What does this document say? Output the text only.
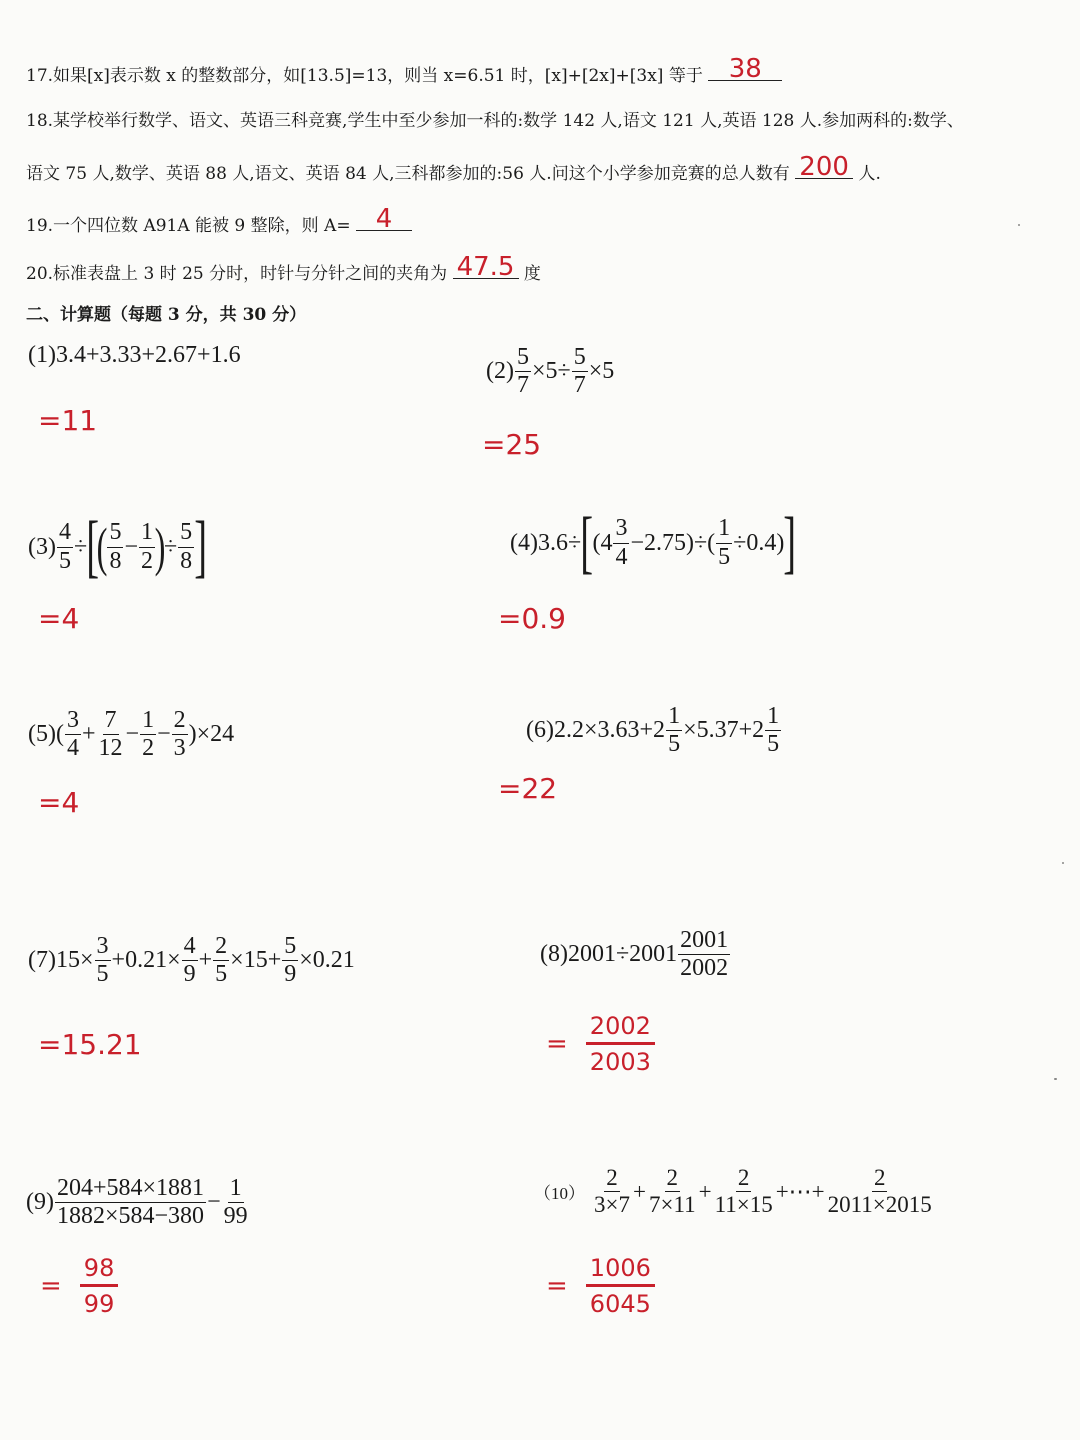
17.如果[x]表示数 x 的整数部分，如[13.5]=13，则当 x=6.51 时，[x]+[2x]+[3x] 等于 38
18.某学校举行数学、语文、英语三科竞赛,学生中至少参加一科的:数学 142 人,语文 121 人,英语 128 人.参加两科的:数学、
语文 75 人,数学、英语 88 人,语文、英语 84 人,三科都参加的:56 人.问这个小学参加竞赛的总人数有 200 人.
19.一个四位数 A91A 能被 9 整除，则 A= 4
20.标准表盘上 3 时 25 分时，时针与分针之间的夹角为 47.5 度
二、计算题（每题 3 分，共 30 分）
(1) 3.4+3.33+2.67+1.6
=11
$(2) \frac{5}{7} \times 5\div \frac{5}{7} \times 5$
=25
$(3) \frac{4}{5}$ ÷ [
( $\frac{5}{8} - \frac{1}{2}$ )
÷ $\frac{5}{8}$ ]
=4
(4) 3.6÷ [ $(4 \frac{3}{4} -2.75)\div( \frac{1}{5} \div 0.4)$ ]
=0.9
$(5)( \frac{3}{4} + \frac{7}{12} - \frac{1}{2} - \frac{2}{3} )\times 24$
=4
(6) $2.2\times 3.63+2 \frac{1}{5} \times 5.37+2 \frac{1}{5}$
=22
(7) $15\times \frac{3}{5} +0.21\times \frac{4}{9} + \frac{2}{5} \times 15+ \frac{5}{9} \times 0.21$
=15.21
(8) $2001\div 2001 \frac{2001}{2002}$
= $\frac{2002}{2003}$
$(9) \frac{204+584\times 1881}{1882\times 584-380} - \frac{1}{99}$
= $\frac{98}{99}$
$(10) \frac{2}{3\times 7} + \frac{2}{7\times 11} + \frac{2}{11\times 15}$ +⋯+ $\frac{2}{2011\times 2015}$
= $\frac{1006}{6045}$
